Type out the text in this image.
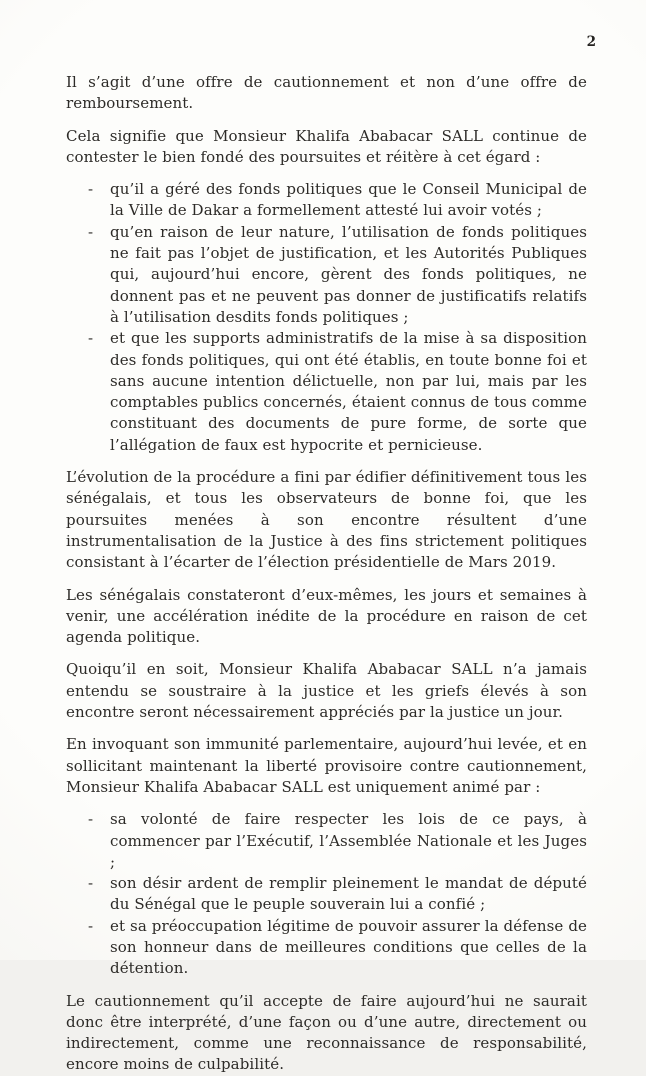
2

Il s’agit d’une offre de cautionnement et non d’une offre de remboursement.

Cela signifie que Monsieur Khalifa Ababacar SALL continue de contester le bien fondé des poursuites et réitère à cet égard :

- qu’il a géré des fonds politiques que le Conseil Municipal de la Ville de Dakar a formellement attesté lui avoir votés ;
- qu’en raison de leur nature, l’utilisation de fonds politiques ne fait pas l’objet de justification, et les Autorités Publiques qui, aujourd’hui encore, gèrent des fonds politiques, ne donnent pas et ne peuvent pas donner de justificatifs relatifs à l’utilisation desdits fonds politiques ;
- et que les supports administratifs de la mise à sa disposition des fonds politiques, qui ont été établis, en toute bonne foi et sans aucune intention délictuelle, non par lui, mais par les comptables publics concernés, étaient connus de tous comme constituant des documents de pure forme, de sorte que l’allégation de faux est hypocrite et pernicieuse.

L’évolution de la procédure a fini par édifier définitivement tous les sénégalais, et tous les observateurs de bonne foi, que les poursuites menées à son encontre résultent d’une instrumentalisation de la Justice à des fins strictement politiques consistant à l’écarter de l’élection présidentielle de Mars 2019.

Les sénégalais constateront d’eux-mêmes, les jours et semaines à venir, une accélération inédite de la procédure en raison de cet agenda politique.

Quoiqu’il en soit, Monsieur Khalifa Ababacar SALL n’a jamais entendu se soustraire à la justice et les griefs élevés à son encontre seront nécessairement appréciés par la justice un jour.

En invoquant son immunité parlementaire, aujourd’hui levée, et en sollicitant maintenant la liberté provisoire contre cautionnement, Monsieur Khalifa Ababacar SALL est uniquement animé par :

- sa volonté de faire respecter les lois de ce pays, à commencer par l’Exécutif, l’Assemblée Nationale et les Juges ;
- son désir ardent de remplir pleinement le mandat de député du Sénégal que le peuple souverain lui a confié ;
- et sa préoccupation légitime de pouvoir assurer la défense de son honneur dans de meilleures conditions que celles de la détention.

Le cautionnement qu’il accepte de faire aujourd’hui ne saurait donc être interprété, d’une façon ou d’une autre, directement ou indirectement, comme une reconnaissance de responsabilité, encore moins de culpabilité.
